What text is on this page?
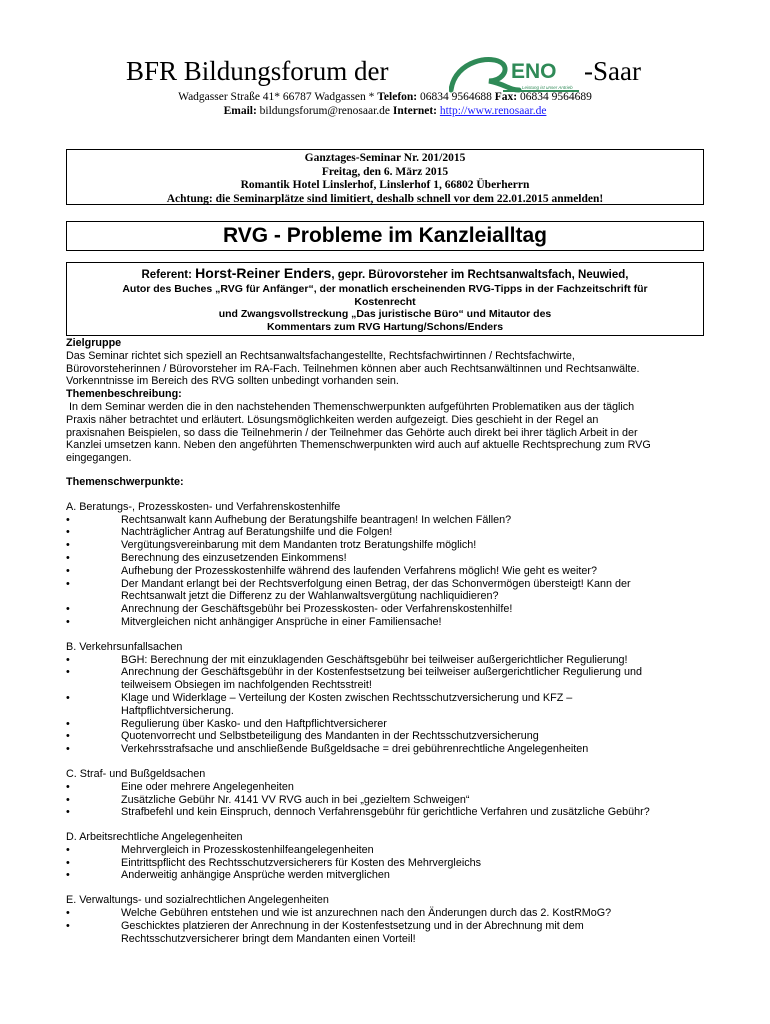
BFR Bildungsforum der	ENO
Leistung ist unser Antrieb
-Saar
Wadgasser Straße 41* 66787 Wadgassen * Telefon: 06834 9564688 Fax: 06834 9564689
Email: bildungsforum@renosaar.de Internet: http://www.renosaar.de
Ganztages-Seminar Nr. 201/2015
Freitag, den 6. März 2015
Romantik Hotel Linslerhof, Linslerhof 1, 66802 Überherrn
Achtung: die Seminarplätze sind limitiert, deshalb schnell vor dem 22.01.2015 anmelden!
RVG - Probleme im Kanzleialltag
Referent: Horst-Reiner Enders, gepr. Bürovorsteher im Rechtsanwaltsfach, Neuwied,
Autor des Buches „RVG für Anfänger“, der monatlich erscheinenden RVG-Tipps in der Fachzeitschrift für
Kostenrecht
und Zwangsvollstreckung „Das juristische Büro“ und Mitautor des
Kommentars zum RVG Hartung/Schons/Enders
Zielgruppe
Das Seminar richtet sich speziell an Rechtsanwaltsfachangestellte, Rechtsfachwirtinnen / Rechtsfachwirte,
Bürovorsteherinnen / Bürovorsteher im RA-Fach. Teilnehmen können aber auch Rechtsanwältinnen und Rechtsanwälte.
Vorkenntnisse im Bereich des RVG sollten unbedingt vorhanden sein.
Themenbeschreibung:
In dem Seminar werden die in den nachstehenden Themenschwerpunkten aufgeführten Problematiken aus der täglich
Praxis näher betrachtet und erläutert. Lösungsmöglichkeiten werden aufgezeigt. Dies geschieht in der Regel an
praxisnahen Beispielen, so dass die Teilnehmerin / der Teilnehmer das Gehörte auch direkt bei ihrer täglich Arbeit in der
Kanzlei umsetzen kann. Neben den angeführten Themenschwerpunkten wird auch auf aktuelle Rechtsprechung zum RVG
eingegangen.
Themenschwerpunkte:
A. Beratungs-, Prozesskosten- und Verfahrenskostenhilfe
•	Rechtsanwalt kann Aufhebung der Beratungshilfe beantragen! In welchen Fällen?
•	Nachträglicher Antrag auf Beratungshilfe und die Folgen!
•	Vergütungsvereinbarung mit dem Mandanten trotz Beratungshilfe möglich!
•	Berechnung des einzusetzenden Einkommens!
•	Aufhebung der Prozesskostenhilfe während des laufenden Verfahrens möglich! Wie geht es weiter?
•	Der Mandant erlangt bei der Rechtsverfolgung einen Betrag, der das Schonvermögen übersteigt! Kann der
Rechtsanwalt jetzt die Differenz zu der Wahlanwaltsvergütung nachliquidieren?
•	Anrechnung der Geschäftsgebühr bei Prozesskosten- oder Verfahrenskostenhilfe!
•	Mitvergleichen nicht anhängiger Ansprüche in einer Familiensache!
B. Verkehrsunfallsachen
•	BGH: Berechnung der mit einzuklagenden Geschäftsgebühr bei teilweiser außergerichtlicher Regulierung!
•	Anrechnung der Geschäftsgebühr in der Kostenfestsetzung bei teilweiser außergerichtlicher Regulierung und
teilweisem Obsiegen im nachfolgenden Rechtsstreit!
•	Klage und Widerklage – Verteilung der Kosten zwischen Rechtsschutzversicherung und KFZ –
Haftpflichtversicherung.
•	Regulierung über Kasko- und den Haftpflichtversicherer
•	Quotenvorrecht und Selbstbeteiligung des Mandanten in der Rechtsschutzversicherung
•	Verkehrsstrafsache und anschließende Bußgeldsache = drei gebührenrechtliche Angelegenheiten
C. Straf- und Bußgeldsachen
•	Eine oder mehrere Angelegenheiten
•	Zusätzliche Gebühr Nr. 4141 VV RVG auch in bei „gezieltem Schweigen“
•	Strafbefehl und kein Einspruch, dennoch Verfahrensgebühr für gerichtliche Verfahren und zusätzliche Gebühr?
D. Arbeitsrechtliche Angelegenheiten
•	Mehrvergleich in Prozesskostenhilfeangelegenheiten
•	Eintrittspflicht des Rechtsschutzversicherers für Kosten des Mehrvergleichs
•	Anderweitig anhängige Ansprüche werden mitverglichen
E. Verwaltungs- und sozialrechtlichen Angelegenheiten
•	Welche Gebühren entstehen und wie ist anzurechnen nach den Änderungen durch das 2. KostRMoG?
•	Geschicktes platzieren der Anrechnung in der Kostenfestsetzung und in der Abrechnung mit dem
Rechtsschutzversicherer bringt dem Mandanten einen Vorteil!
